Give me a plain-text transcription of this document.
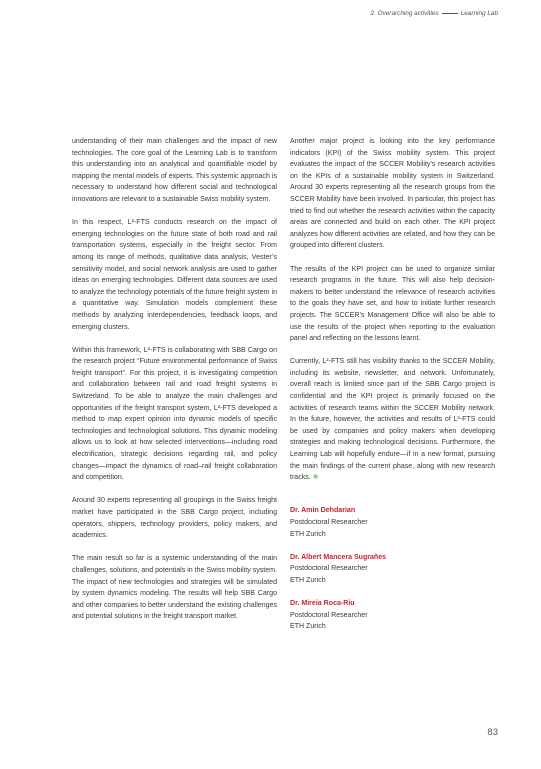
2. Overarching activities	Learning Lab

understanding of their main challenges and the impact of new technologies. The core goal of the Learning Lab is to transform this understanding into an analytical and quantifiable model by mapping the mental models of experts. This systemic approach is necessary to understand how different social and technological innovations are relevant to a sustainable Swiss mobility system.

In this respect, L²-FTS conducts research on the impact of emerging technologies on the future state of both road and rail transportation systems, especially in the freight sector. From among its range of methods, qualitative data analysis, Vester’s sensitivity model, and social network analysis are used to gather ideas on emerging technologies. Different data sources are used to analyze the technology potentials of the future freight system in a quantitative way. Simulation models complement these methods by analyzing interdependencies, feedback loops, and emerging clusters.

Within this framework, L²-FTS is collaborating with SBB Cargo on the research project “Future environmental performance of Swiss freight transport”. For this project, it is investigating competition and collaboration between rail and road freight systems in Switzerland. To be able to analyze the main challenges and opportunities of the freight transport system, L²-FTS developed a method to map expert opinion into dynamic models of specific technologies and technological solutions. This dynamic modeling allows us to look at how selected interventions—including road electrification, strategic decisions regarding rail, and policy changes—impact the dynamics of road–rail freight collaboration and competition.

Around 30 experts representing all groupings in the Swiss freight market have participated in the SBB Cargo project, including operators, shippers, technology providers, policy makers, and academics.

The main result so far is a systemic understanding of the main challenges, solutions, and potentials in the Swiss mobility system. The impact of new technologies and strategies will be simulated by system dynamics modeling. The results will help SBB Cargo and other companies to better understand the existing challenges and potential solutions in the freight transport market.

Another major project is looking into the key performance indicators (KPI) of the Swiss mobility system. This project evaluates the impact of the SCCER Mobility’s research activities on the KPIs of a sustainable mobility system in Switzerland. Around 30 experts representing all the research groups from the SCCER Mobility have been involved. In particular, this project has tried to find out whether the research activities within the capacity areas are connected and build on each other. The KPI project analyzes how different activities are related, and how they can be grouped into different clusters.

The results of the KPI project can be used to organize similar research programs in the future. This will also help decision-makers to better understand the relevance of research activities to the goals they have set, and how to initiate further research projects. The SCCER’s Management Office will also be able to use the results of the project when reporting to the evaluation panel and reflecting on the lessons learnt.

Currently, L²-FTS still has visibility thanks to the SCCER Mobility, including its website, newsletter, and network. Unfortunately, overall reach is limited since part of the SBB Cargo project is confidential and the KPI project is primarily focused on the activities of research teams within the SCCER Mobility network. In the future, however, the activities and results of L²-FTS could be used by companies and policy makers when developing strategies and making technological decisions. Furthermore, the Learning Lab will hopefully endure—if in a new format, pursuing the main findings of the current phase, along with new research tracks. ❋

Dr. Amin Dehdarian
Postdoctoral Researcher
ETH Zurich
Dr. Albert Mancera Sugrañes
Postdoctoral Researcher
ETH Zurich
Dr. Mireia Roca-Riu
Postdoctoral Researcher
ETH Zurich
83
